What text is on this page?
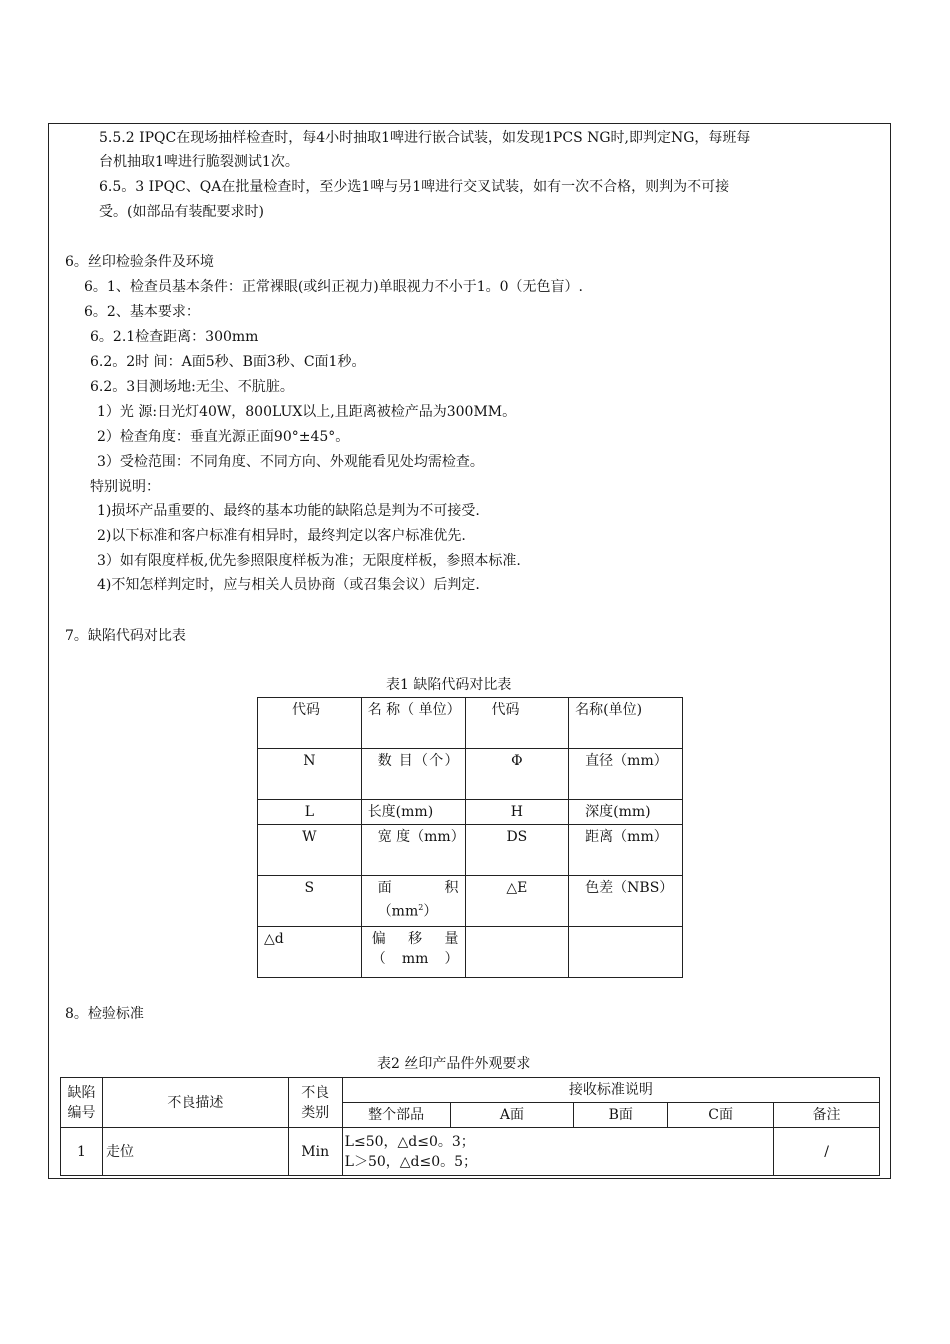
5.5.2 IPQC在现场抽样检查时，每4小时抽取1啤进行嵌合试装，如发现1PCS NG时,即判定NG，每班每
台机抽取1啤进行脆裂测试1次。
6.5。3 IPQC、QA在批量检查时，至少选1啤与另1啤进行交叉试装，如有一次不合格，则判为不可接
受。(如部品有装配要求时)
6。丝印检验条件及环境
6。1、检查员基本条件：正常裸眼(或纠正视力)单眼视力不小于1。0（无色盲）.
6。2、基本要求：
6。2.1检查距离：300mm
6.2。2时 间：A面5秒、B面3秒、C面1秒。
6.2。3目测场地:无尘、不肮脏。
1）光 源:日光灯40W，800LUX以上,且距离被检产品为300MM。
2）检查角度：垂直光源正面90°±45°。
3）受检范围：不同角度、不同方向、外观能看见处均需检查。
特别说明：
1)损坏产品重要的、最终的基本功能的缺陷总是判为不可接受.
2)以下标准和客户标准有相异时，最终判定以客户标准优先.
3）如有限度样板,优先参照限度样板为准；无限度样板，参照本标准.
4)不知怎样判定时，应与相关人员协商（或召集会议）后判定.
7。缺陷代码对比表
表1 缺陷代码对比表
代码	名 称（ 单位）	代码	名称(单位)
N	数 目（个）	Φ	直径（mm）
L	长度(mm)	H	深度(mm)
W	宽 度（mm）	DS	距离（mm）
S	面 积$(mm^2)$	△E	色差（NBS）
△d	偏 移 量（mm）		
8。检验标准
表2 丝印产品件外观要求
缺陷编号	不良描述	不良类别	接收标准说明				
			整个部品	A面	B面	C面	备注
1	走位	Min	L≤50，△d≤0。3；
L＞50，△d≤0。5；				/
